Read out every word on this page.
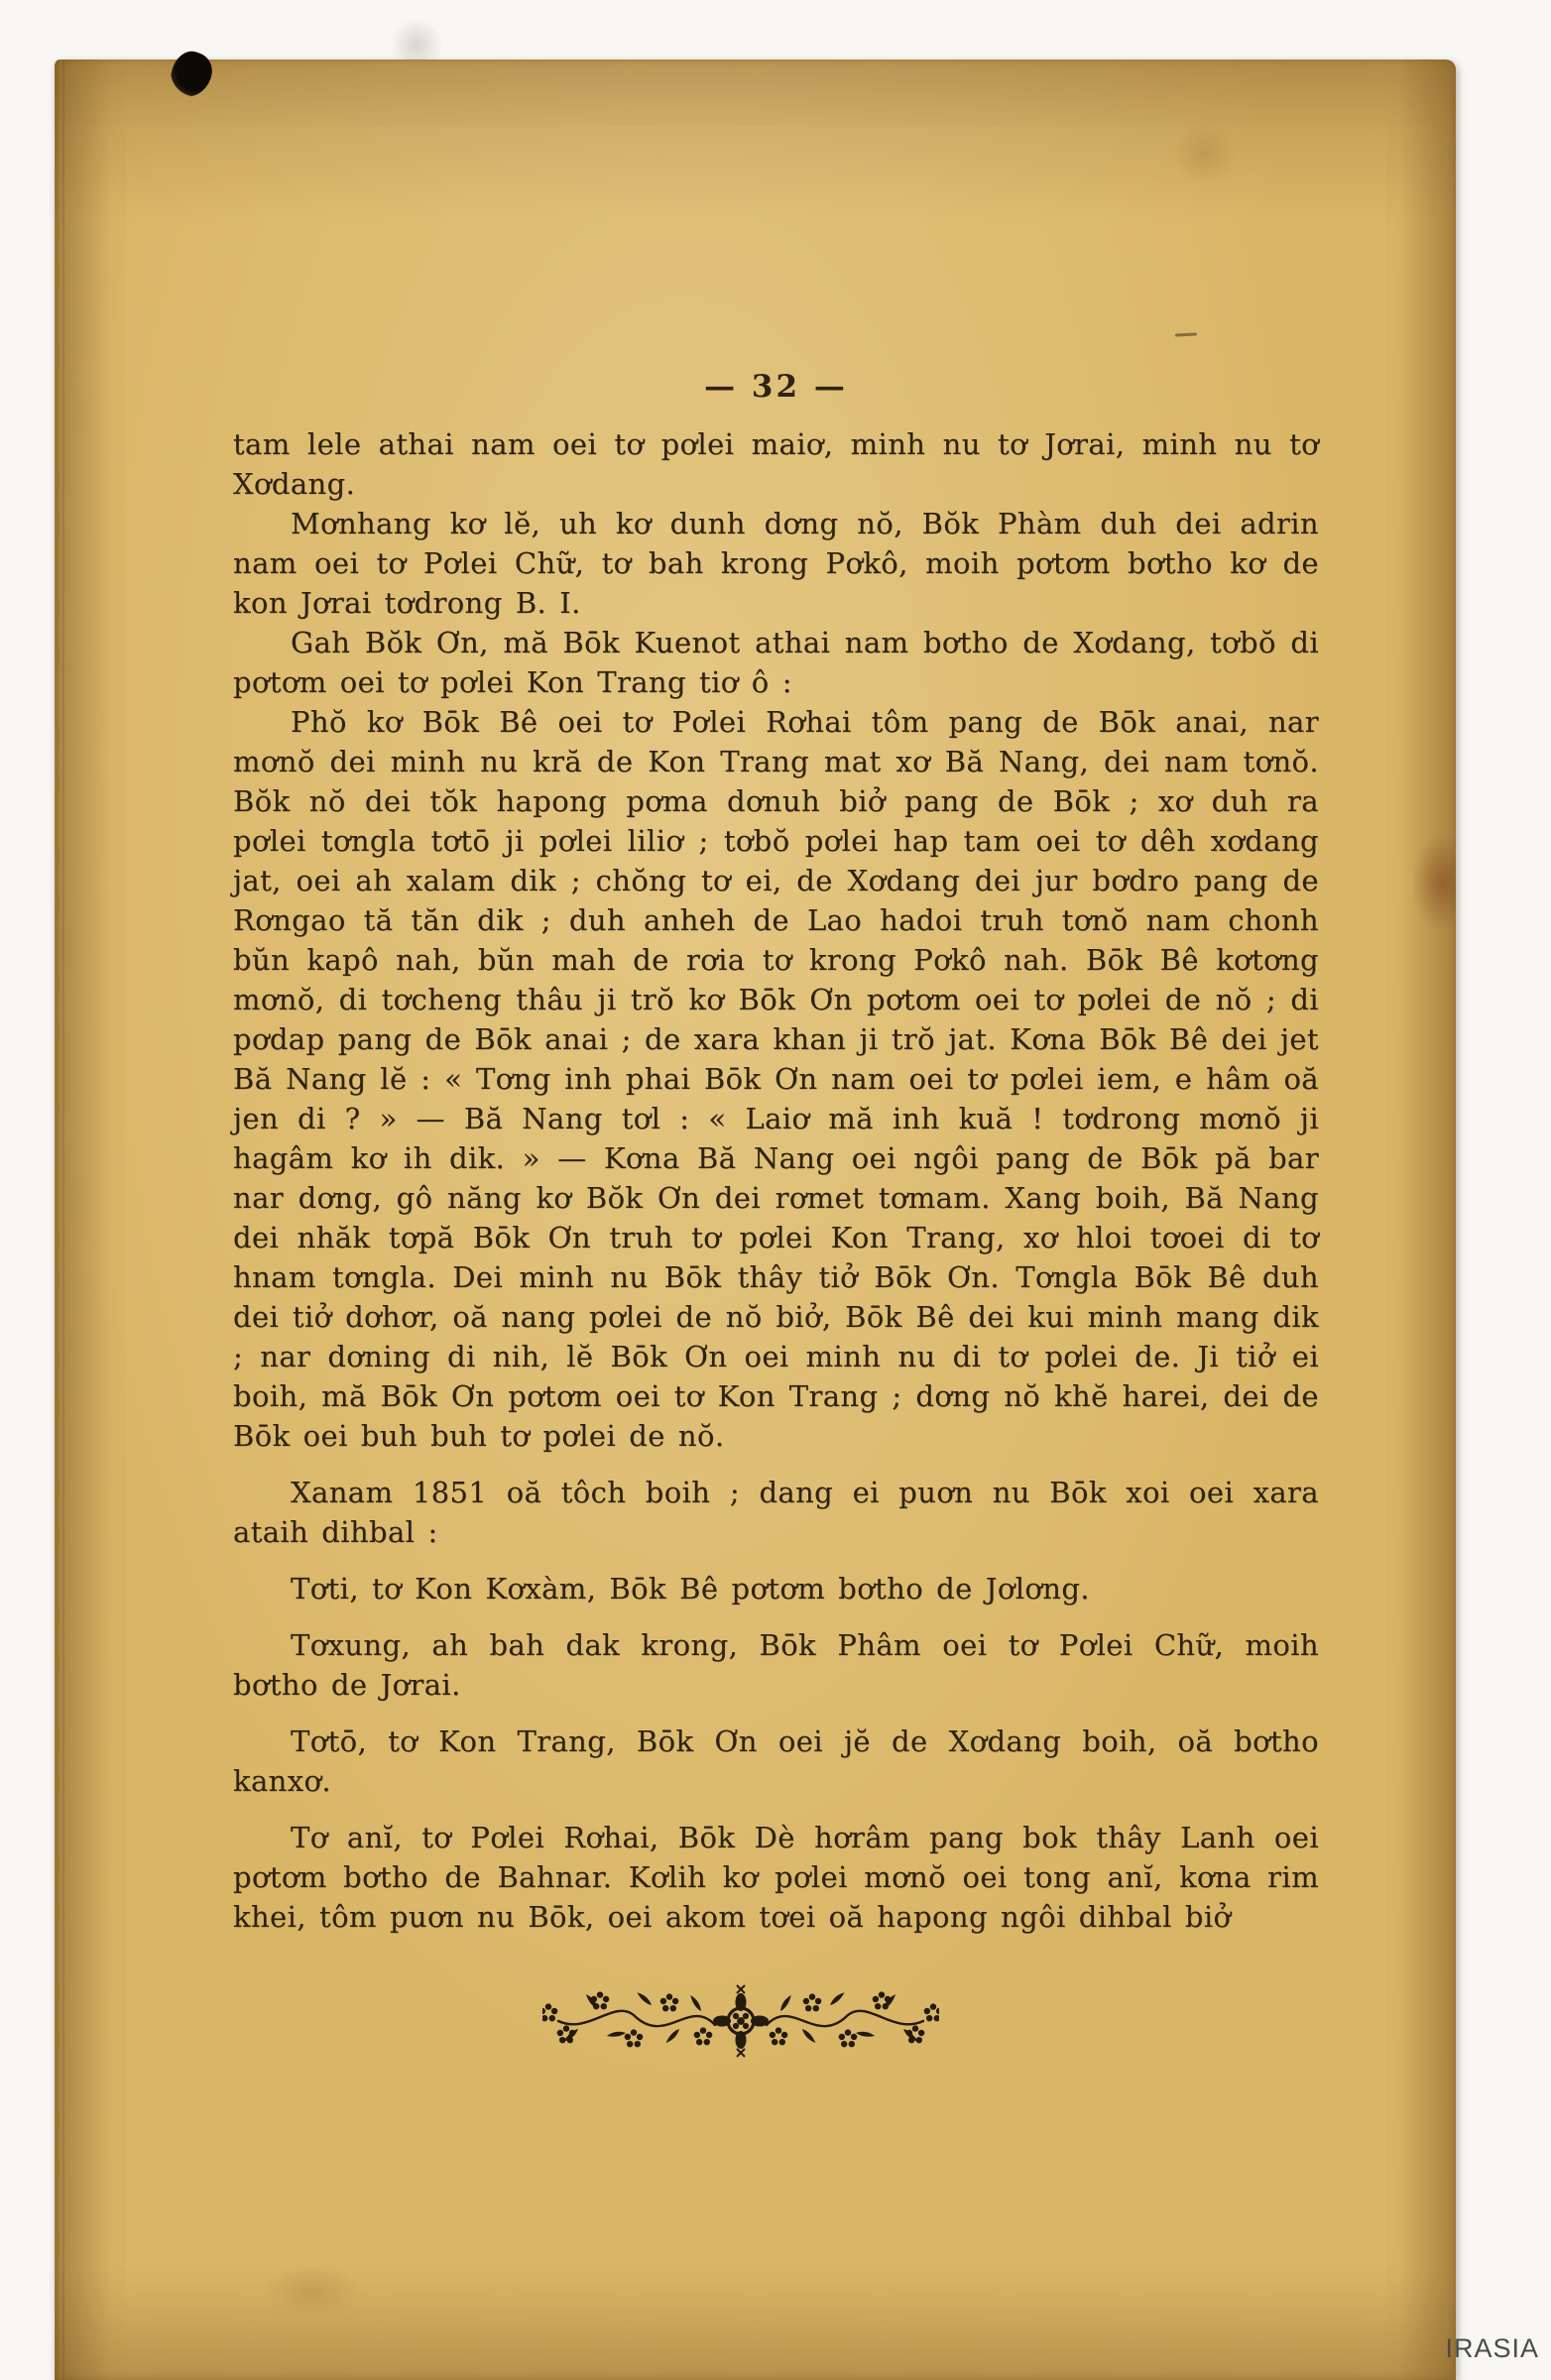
— 32 —

tam lele athai nam oei tơ pơlei maiơ, minh nu tơ Jơrai, minh nu tơ Xơdang.

Mơnhang kơ lĕ, uh kơ dunh dơng nŏ, Bŏk Phàm duh dei adrin nam oei tơ Pơlei Chữ, tơ bah krong Pơkô, moih pơtơm bơtho kơ de kon Jơrai tơdrong B. I.

Gah Bŏk Ơn, mă Bōk Kuenot athai nam bơtho de Xơdang, tơbŏ di pơtơm oei tơ pơlei Kon Trang tiơ ô :

Phŏ kơ Bōk Bê oei tơ Pơlei Rơhai tôm pang de Bōk anai, nar mơnŏ dei minh nu kră de Kon Trang mat xơ Bă Nang, dei nam tơnŏ. Bŏk nŏ dei tŏk hapong pơma dơnuh biở pang de Bōk ; xơ duh ra pơlei tơngla tơtō ji pơlei liliơ ; tơbŏ pơlei hap tam oei tơ dêh xơdang jat, oei ah xalam dik ; chŏng tơ ei, de Xơdang dei jur bơdro pang de Rơngao tă tăn dik ; duh anheh de Lao hadoi truh tơnŏ nam chonh bŭn kapô nah, bŭn mah de rơia tơ krong Pơkô nah. Bōk Bê kơtơng mơnŏ, di tơcheng thâu ji trŏ kơ Bōk Ơn pơtơm oei tơ pơlei de nŏ ; di pơdap pang de Bōk anai ; de xara khan ji trŏ jat. Kơna Bōk Bê dei jet Bă Nang lĕ : « Tơng inh phai Bōk Ơn nam oei tơ pơlei iem, e hâm oă jen di ? » — Bă Nang tơl : « Laiơ mă inh kuă ! tơdrong mơnŏ ji hagâm kơ ih dik. » — Kơna Bă Nang oei ngôi pang de Bōk pă bar nar dơng, gô năng kơ Bŏk Ơn dei rơmet tơmam. Xang boih, Bă Nang dei nhăk tơpă Bōk Ơn truh tơ pơlei Kon Trang, xơ hloi tơoei di tơ hnam tơngla. Dei minh nu Bōk thây tiở Bōk Ơn. Tơngla Bōk Bê duh dei tiở dơhơr, oă nang pơlei de nŏ biở, Bōk Bê dei kui minh mang dik ; nar dơning di nih, lĕ Bōk Ơn oei minh nu di tơ pơlei de. Ji tiở ei boih, mă Bōk Ơn pơtơm oei tơ Kon Trang ; dơng nŏ khĕ harei, dei de Bōk oei buh buh tơ pơlei de nŏ.

Xanam 1851 oă tôch boih ; dang ei puơn nu Bōk xoi oei xara ataih dihbal :

Tơti, tơ Kon Kơxàm, Bōk Bê pơtơm bơtho de Jơlơng.

Tơxung, ah bah dak krong, Bōk Phâm oei tơ Pơlei Chữ, moih bơtho de Jơrai.

Tơtō, tơ Kon Trang, Bōk Ơn oei jĕ de Xơdang boih, oă bơtho kanxơ.

Tơ anĭ, tơ Pơlei Rơhai, Bōk Dè hơrâm pang bok thây Lanh oei pơtơm bơtho de Bahnar. Kơlih kơ pơlei mơnŏ oei tong anĭ, kơna rim khei, tôm puơn nu Bōk, oei akom tơei oă hapong ngôi dihbal biở

IRASIA
